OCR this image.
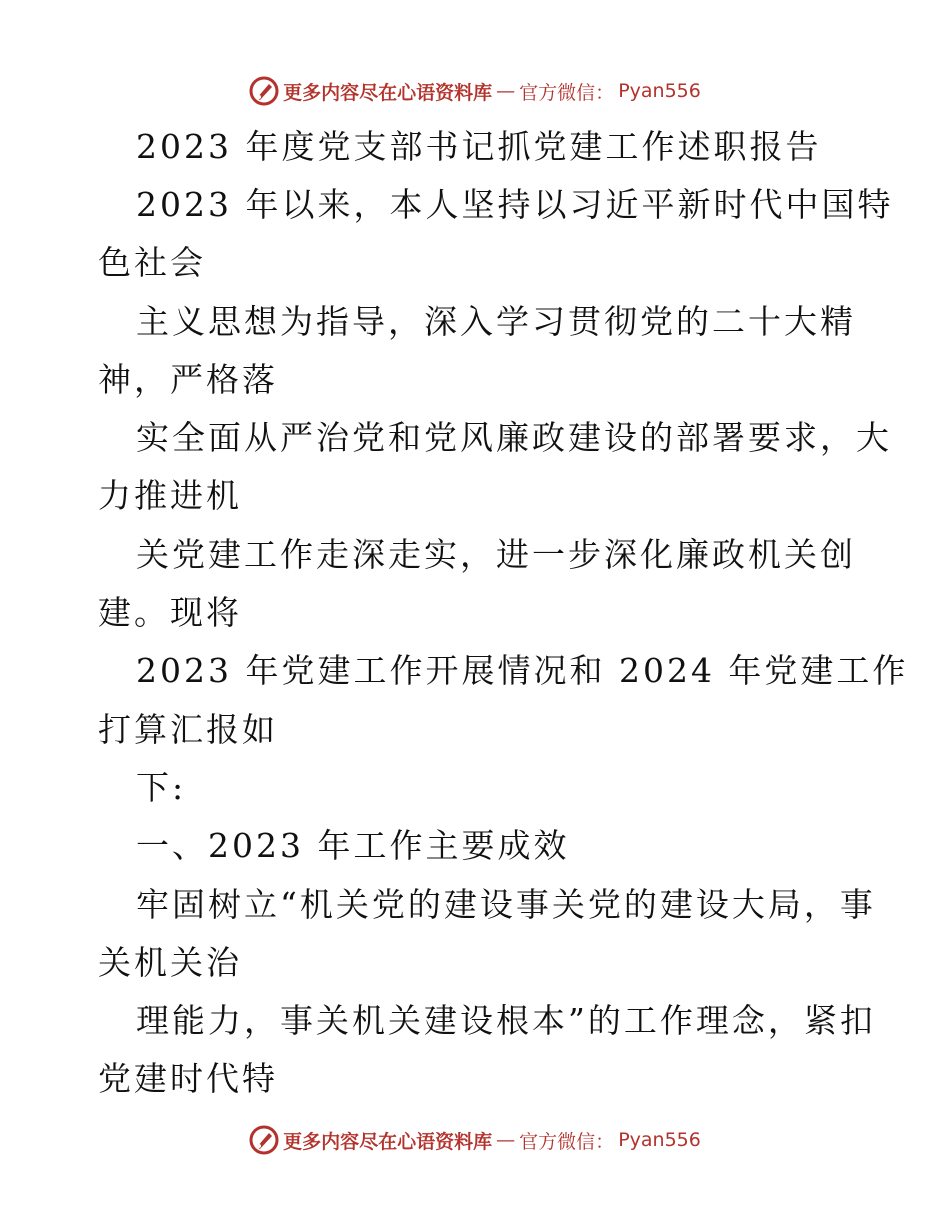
更多内容尽在心语资料库 — 官方微信： Pyan556
2023 年度党支部书记抓党建工作述职报告
2023 年以来，本人坚持以习近平新时代中国特
色社会
主义思想为指导，深入学习贯彻党的二十大精
神，严格落
实全面从严治党和党风廉政建设的部署要求，大
力推进机
关党建工作走深走实，进一步深化廉政机关创
建。现将
2023 年党建工作开展情况和 2024 年党建工作
打算汇报如
下:
一、2023 年工作主要成效
牢固树立“机关党的建设事关党的建设大局，事
关机关治
理能力，事关机关建设根本”的工作理念，紧扣
党建时代特
更多内容尽在心语资料库 — 官方微信： Pyan556
